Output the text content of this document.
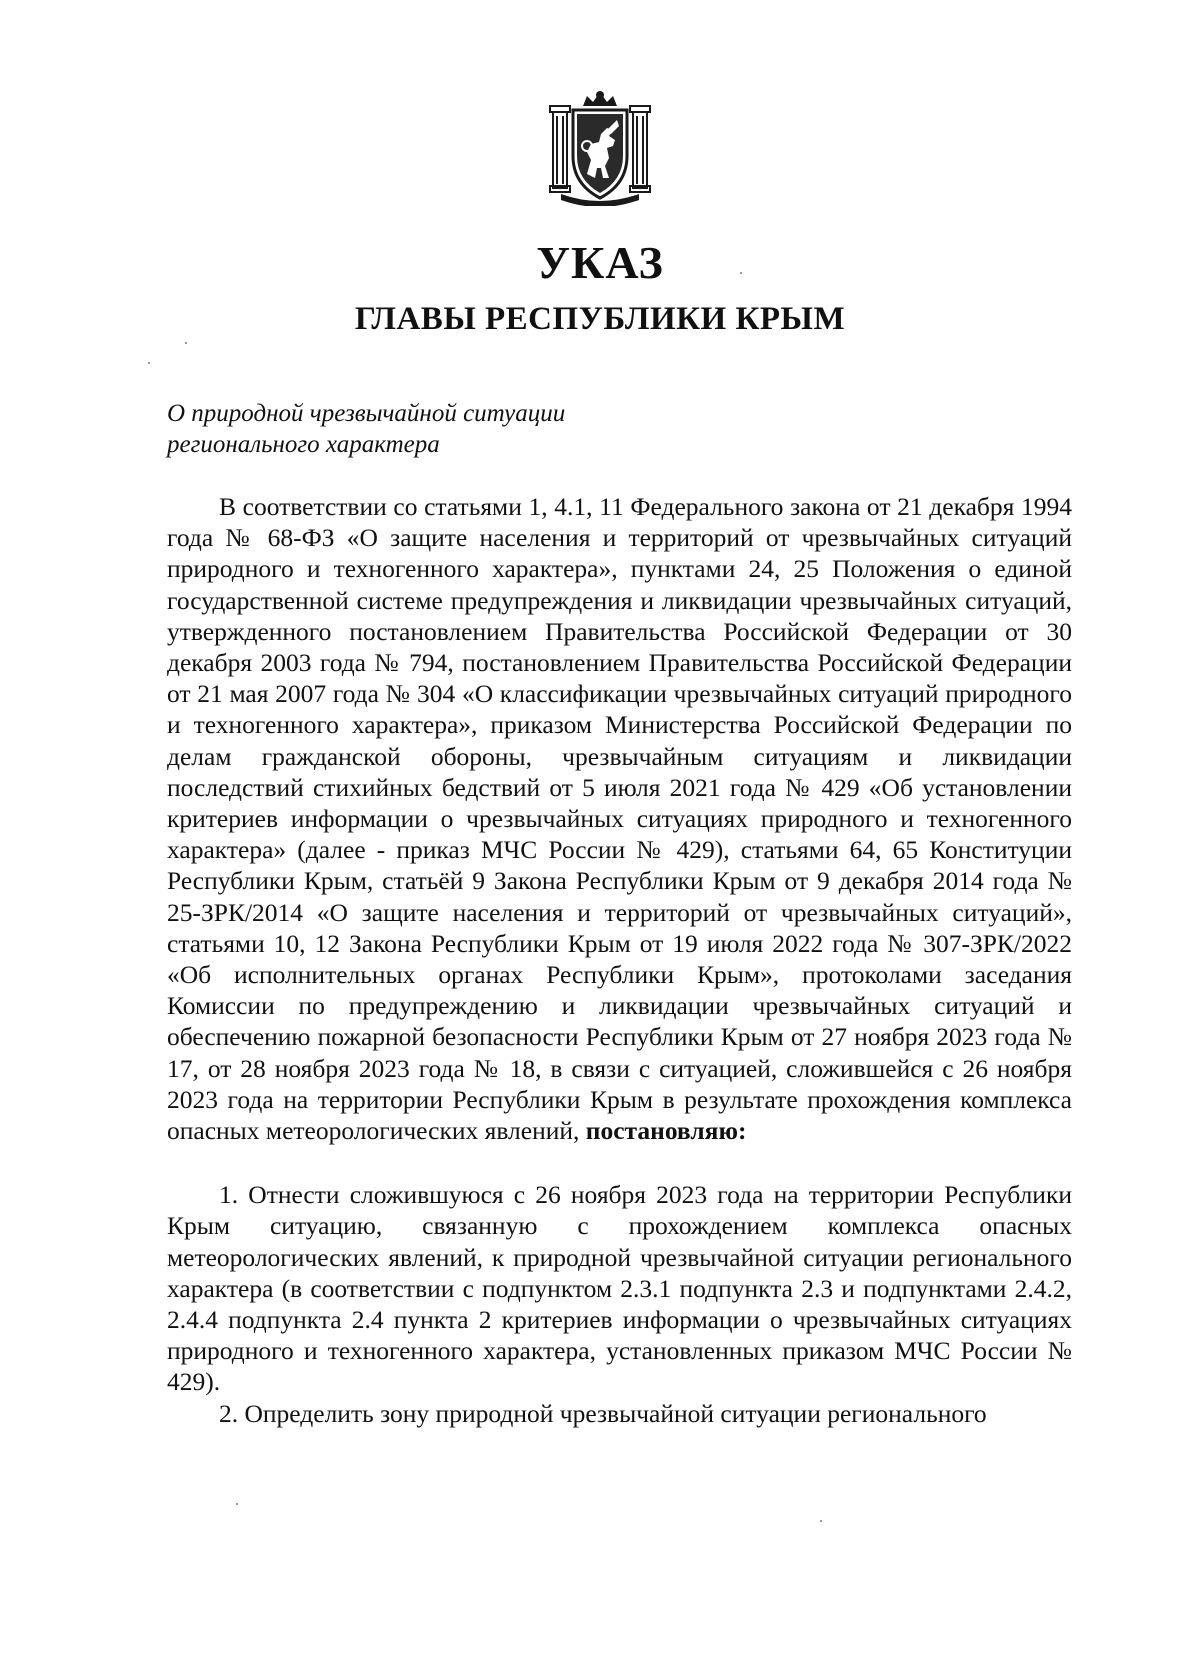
УКАЗ
ГЛАВЫ РЕСПУБЛИКИ КРЫМ
О природной чрезвычайной ситуации
регионального характера

В соответствии со статьями 1, 4.1, 11 Федерального закона от 21 декабря 1994 года № 68-ФЗ «О защите населения и территорий от чрезвычайных ситуаций природного и техногенного характера», пунктами 24, 25 Положения о единой государственной системе предупреждения и ликвидации чрезвычайных ситуаций, утвержденного постановлением Правительства Российской Федерации от 30 декабря 2003 года № 794, постановлением Правительства Российской Федерации от 21 мая 2007 года № 304 «О классификации чрезвычайных ситуаций природного и техногенного характера», приказом Министерства Российской Федерации по делам гражданской обороны, чрезвычайным ситуациям и ликвидации последствий стихийных бедствий от 5 июля 2021 года № 429 «Об установлении критериев информации о чрезвычайных ситуациях природного и техногенного характера» (далее - приказ МЧС России № 429), статьями 64, 65 Конституции Республики Крым, статьёй 9 Закона Республики Крым от 9 декабря 2014 года № 25-ЗРК/2014 «О защите населения и территорий от чрезвычайных ситуаций», статьями 10, 12 Закона Республики Крым от 19 июля 2022 года № 307-ЗРК/2022 «Об исполнительных органах Республики Крым», протоколами заседания Комиссии по предупреждению и ликвидации чрезвычайных ситуаций и обеспечению пожарной безопасности Республики Крым от 27 ноября 2023 года № 17, от 28 ноября 2023 года № 18, в связи с ситуацией, сложившейся с 26 ноября 2023 года на территории Республики Крым в результате прохождения комплекса опасных метеорологических явлений, постановляю:

1. Отнести сложившуюся с 26 ноября 2023 года на территории Республики Крым ситуацию, связанную с прохождением комплекса опасных метеорологических явлений, к природной чрезвычайной ситуации регионального характера (в соответствии с подпунктом 2.3.1 подпункта 2.3 и подпунктами 2.4.2, 2.4.4 подпункта 2.4 пункта 2 критериев информации о чрезвычайных ситуациях природного и техногенного характера, установленных приказом МЧС России № 429).

2. Определить зону природной чрезвычайной ситуации регионального
